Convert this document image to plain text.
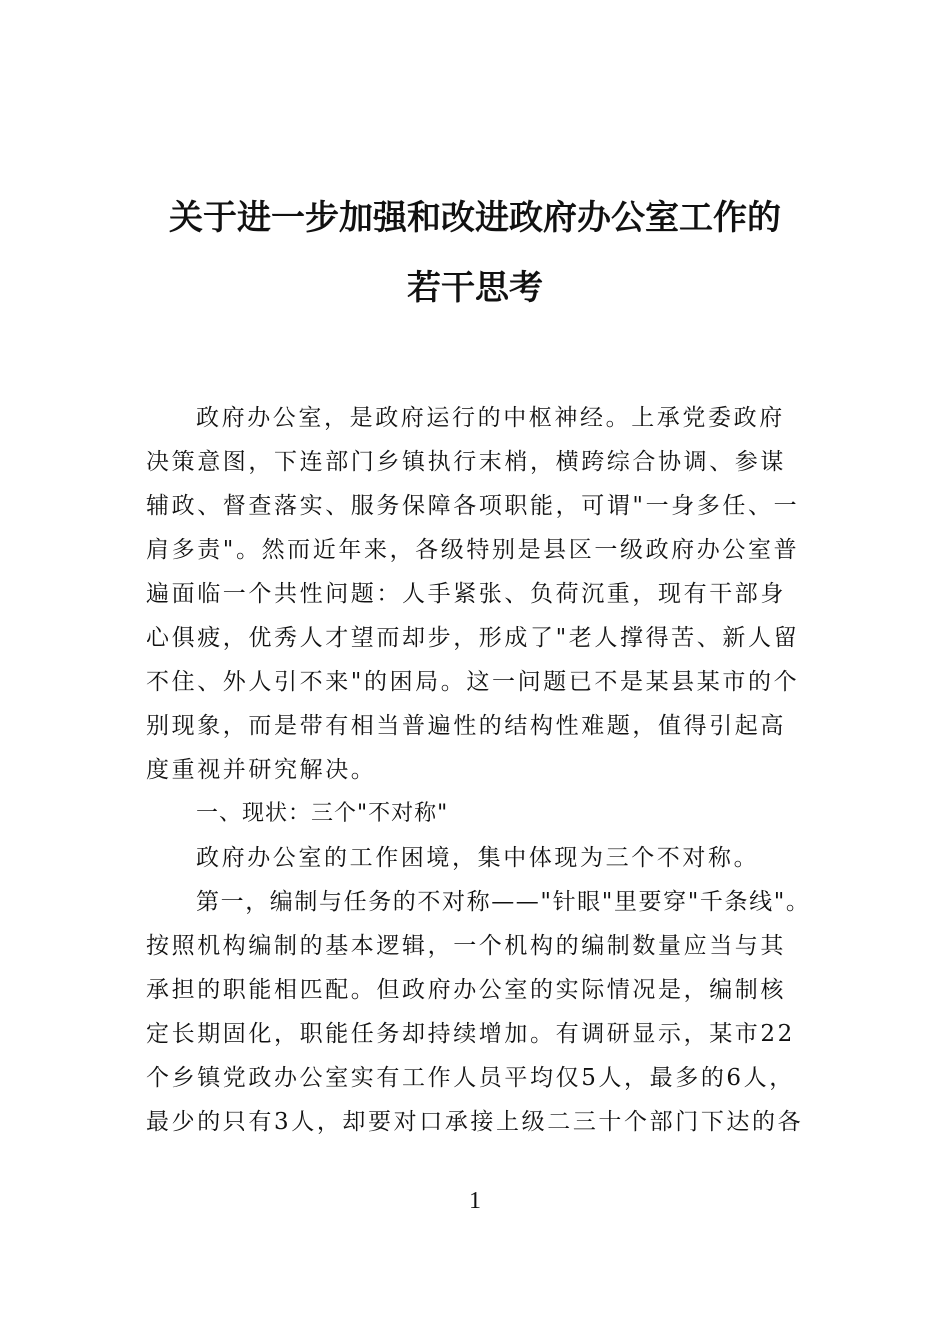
关于进一步加强和改进政府办公室工作的
若干思考
政府办公室，是政府运行的中枢神经。上承党委政府
决策意图，下连部门乡镇执行末梢，横跨综合协调、参谋
辅政、督查落实、服务保障各项职能，可谓"一身多任、一
肩多责"。然而近年来，各级特别是县区一级政府办公室普
遍面临一个共性问题：人手紧张、负荷沉重，现有干部身
心俱疲，优秀人才望而却步，形成了"老人撑得苦、新人留
不住、外人引不来"的困局。这一问题已不是某县某市的个
别现象，而是带有相当普遍性的结构性难题，值得引起高
度重视并研究解决。
一、现状：三个"不对称"
政府办公室的工作困境，集中体现为三个不对称。
第一，编制与任务的不对称——"针眼"里要穿"千条线"。
按照机构编制的基本逻辑，一个机构的编制数量应当与其
承担的职能相匹配。但政府办公室的实际情况是，编制核
定长期固化，职能任务却持续增加。有调研显示，某市22
个乡镇党政办公室实有工作人员平均仅5人，最多的6人，
最少的只有3人，却要对口承接上级二三十个部门下达的各
1
